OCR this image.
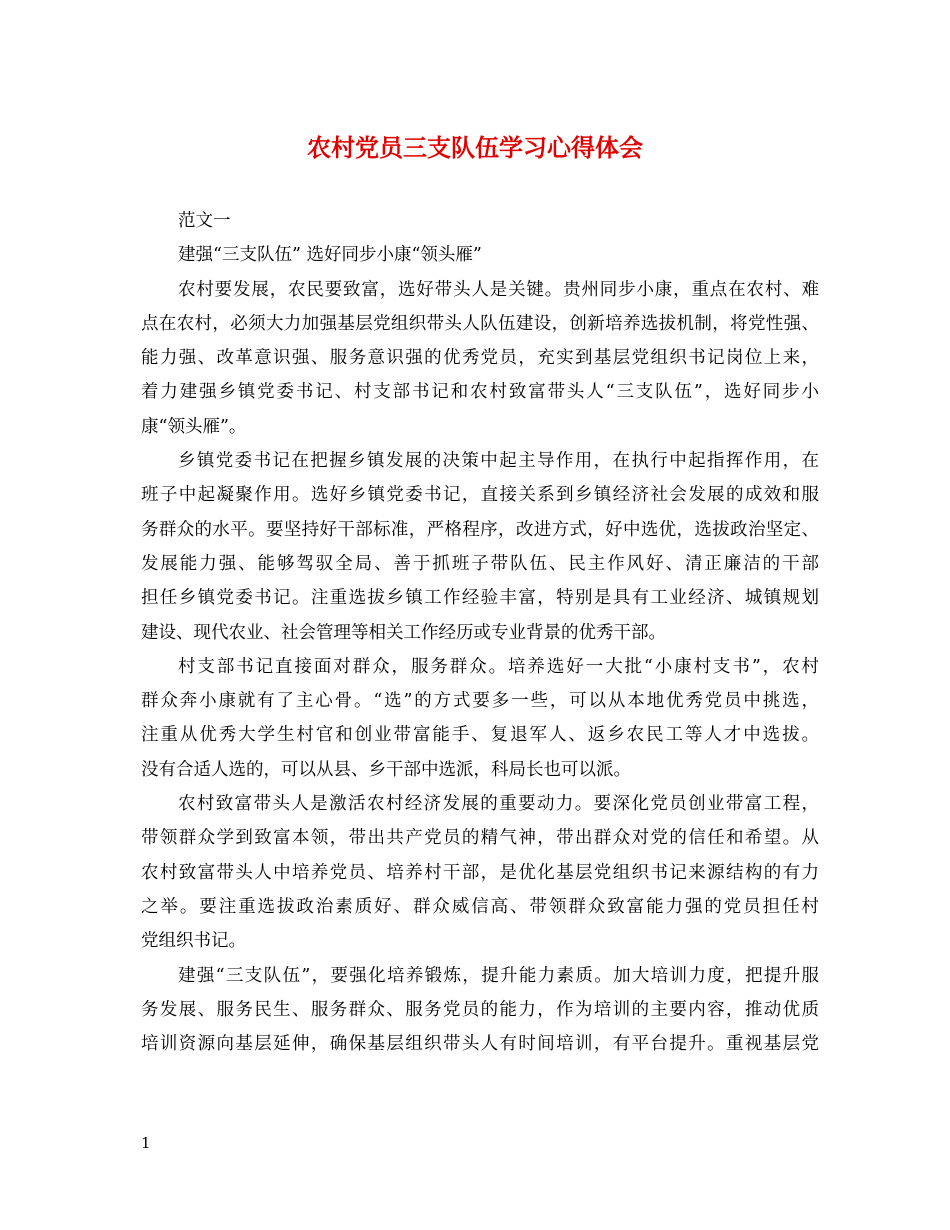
农村党员三支队伍学习心得体会
范文一
建强“三支队伍” 选好同步小康“领头雁”
农村要发展，农民要致富，选好带头人是关键。贵州同步小康，重点在农村、难
点在农村，必须大力加强基层党组织带头人队伍建设，创新培养选拔机制，将党性强、
能力强、改革意识强、服务意识强的优秀党员，充实到基层党组织书记岗位上来，
着力建强乡镇党委书记、村支部书记和农村致富带头人“三支队伍”，选好同步小
康“领头雁”。
乡镇党委书记在把握乡镇发展的决策中起主导作用，在执行中起指挥作用，在
班子中起凝聚作用。选好乡镇党委书记，直接关系到乡镇经济社会发展的成效和服
务群众的水平。要坚持好干部标准，严格程序，改进方式，好中选优，选拔政治坚定、
发展能力强、能够驾驭全局、善于抓班子带队伍、民主作风好、清正廉洁的干部
担任乡镇党委书记。注重选拔乡镇工作经验丰富，特别是具有工业经济、城镇规划
建设、现代农业、社会管理等相关工作经历或专业背景的优秀干部。
村支部书记直接面对群众，服务群众。培养选好一大批“小康村支书”，农村
群众奔小康就有了主心骨。“选”的方式要多一些，可以从本地优秀党员中挑选，
注重从优秀大学生村官和创业带富能手、复退军人、返乡农民工等人才中选拔。
没有合适人选的，可以从县、乡干部中选派，科局长也可以派。
农村致富带头人是激活农村经济发展的重要动力。要深化党员创业带富工程，
带领群众学到致富本领，带出共产党员的精气神，带出群众对党的信任和希望。从
农村致富带头人中培养党员、培养村干部，是优化基层党组织书记来源结构的有力
之举。要注重选拔政治素质好、群众威信高、带领群众致富能力强的党员担任村
党组织书记。
建强“三支队伍”，要强化培养锻炼，提升能力素质。加大培训力度，把提升服
务发展、服务民生、服务群众、服务党员的能力，作为培训的主要内容，推动优质
培训资源向基层延伸，确保基层组织带头人有时间培训，有平台提升。重视基层党
1
